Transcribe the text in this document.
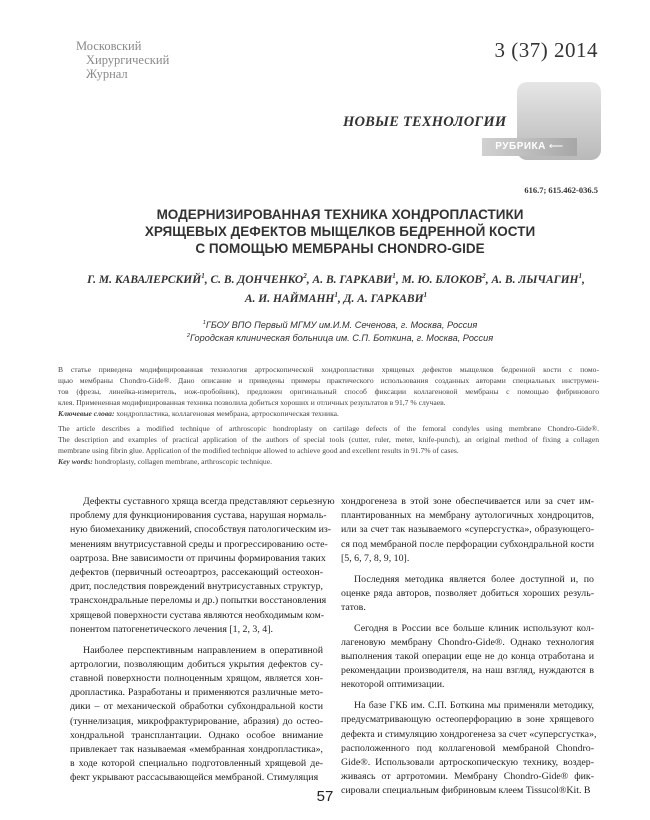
Московский
Хирургический
Журнал
3 (37) 2014
НОВЫЕ ТЕХНОЛОГИИ
РУБРИКА ⟵
616.7; 615.462-036.5
МОДЕРНИЗИРОВАННАЯ ТЕХНИКА ХОНДРОПЛАСТИКИ
ХРЯЩЕВЫХ ДЕФЕКТОВ МЫЩЕЛКОВ БЕДРЕННОЙ КОСТИ
С ПОМОЩЬЮ МЕМБРАНЫ CHONDRO-GIDE

Г. М. КАВАЛЕРСКИЙ$^1$, С. В. ДОНЧЕНКО$^2$, А. В. ГАРКАВИ$^1$, М. Ю. БЛОКОВ$^2$, А. В. ЛЫЧАГИН$^1$,
А. И. НАЙМАНН$^1$, Д. А. ГАРКАВИ$^1$

$^1$ГБОУ ВПО Первый МГМУ им.И.М. Сеченова, г. Москва, Россия
$^2$Городская клиническая больница им. С.П. Боткина, г. Москва, Россия
В статье приведена модифицированная технология артроскопической хондропластики хрящевых дефектов мыщелков бедренной кости с помо-
щью мембраны Chondro-Gide®. Дано описание и приведены примеры практического использования созданных авторами специальных инструмен-
тов (фрезы, линейка-измеритель, нож-пробойник), предложен оригинальный способ фиксации коллагеновой мембраны с помощью фибринового
клея. Примененная модифицированная техника позволила добиться хороших и отличных результатов в 91,7 % случаев.
Ключевые слова: хондропластика, коллагеновая мембрана, артроскопическая техника.
The article describes a modified technique of arthroscopic hondroplasty on cartilage defects of the femoral condyles using membrane Chondro-Gide®.
The description and examples of practical application of the authors of special tools (cutter, ruler, meter, knife-punch), an original method of fixing a collagen
membrane using fibrin glue. Application of the modified technique allowed to achieve good and excellent results in 91.7% of cases.
Key words: hondroplasty, collagen membrane, arthroscopic technique.

Дефекты суставного хряща всегда представляют серьезную
проблему для функционирования сустава, нарушая нормаль-
ную биомеханику движений, способствуя патологическим из-
менениям внутрисуставной среды и прогрессированию осте-
оартроза. Вне зависимости от причины формирования таких
дефектов (первичный остеоартроз, рассекающий остеохон-
дрит, последствия повреждений внутрисуставных структур,
трансхондральные переломы и др.) попытки восстановления
хрящевой поверхности сустава являются необходимым ком-
понентом патогенетического лечения [1, 2, 3, 4].

Наиболее перспективным направлением в оперативной
артрологии, позволяющим добиться укрытия дефектов су-
ставной поверхности полноценным хрящом, является хон-
дропластика. Разработаны и применяются различные мето-
дики – от механической обработки субхондральной кости
(туннелизация, микрофрактурирование, абразия) до остео-
хондральной трансплантации. Однако особое внимание
привлекает так называемая «мембранная хондропластика»,
в ходе которой специально подготовленный хрящевой де-
фект укрывают рассасывающейся мембраной. Стимуляция

хондрогенеза в этой зоне обеспечивается или за счет им-
плантированных на мембрану аутологичных хондроцитов,
или за счет так называемого «суперсгустка», образующего-
ся под мембраной после перфорации субхондральной кости
[5, 6, 7, 8, 9, 10].

Последняя методика является более доступной и, по
оценке ряда авторов, позволяет добиться хороших резуль-
татов.

Сегодня в России все больше клиник используют кол-
лагеновую мембрану Chondro-Gide®. Однако технология
выполнения такой операции еще не до конца отработана и
рекомендации производителя, на наш взгляд, нуждаются в
некоторой оптимизации.

На базе ГКБ им. С.П. Боткина мы применяли методику,
предусматривающую остеоперфорацию в зоне хрящевого
дефекта и стимуляцию хондрогенеза за счет «суперсгустка»,
расположенного под коллагеновой мембраной Chondro-
Gide®. Использовали артроскопическую технику, воздер-
живаясь от артротомии. Мембрану Chondro-Gide® фик-
сировали специальным фибриновым клеем Tissucol®Kit. В

57
